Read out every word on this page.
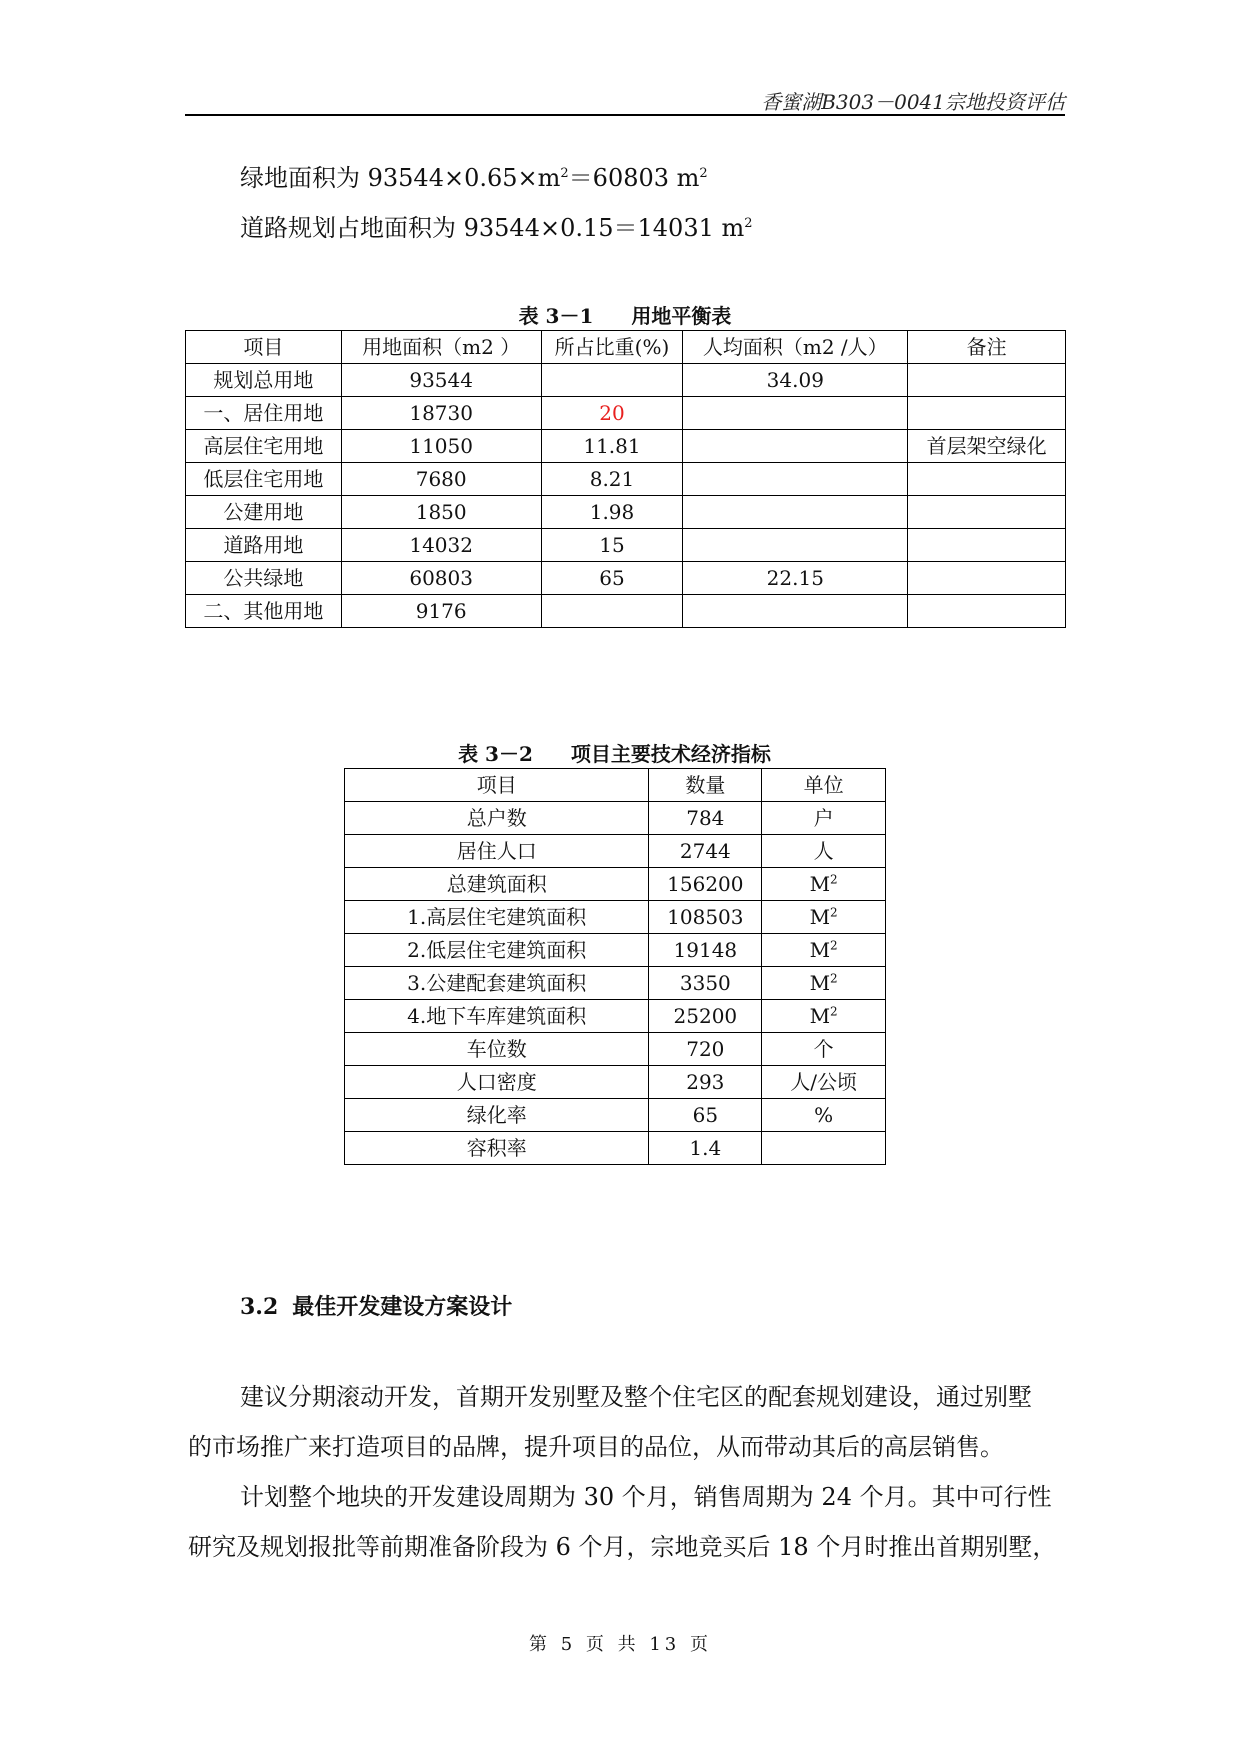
香蜜湖B303－0041宗地投资评估
绿地面积为 $93544\times 0.65\times m^2=60803$ $m^2$
道路规划占地面积为 93544×0.15＝14031 $m^2$
表 3－1 用地平衡表
项目	用地面积（m2 ）	所占比重(%)	人均面积（m2 /人）	备注
规划总用地	93544		34.09	
一、居住用地	18730	20		
高层住宅用地	11050	11.81		首层架空绿化
低层住宅用地	7680	8.21		
公建用地	1850	1.98		
道路用地	14032	15		
公共绿地	60803	65	22.15	
二、其他用地	9176			
表 3－2 项目主要技术经济指标
项目	数量	单位
总户数	784	户
居住人口	2744	人
总建筑面积	156200	$M^2$
1.高层住宅建筑面积	108503	$M^2$
2.低层住宅建筑面积	19148	$M^2$
3.公建配套建筑面积	3350	$M^2$
4.地下车库建筑面积	25200	$M^2$
车位数	720	个
人口密度	293	人/公顷
绿化率	65	%
容积率	1.4	
3.2 最佳开发建设方案设计

建议分期滚动开发，首期开发别墅及整个住宅区的配套规划建设，通过别墅

的市场推广来打造项目的品牌，提升项目的品位，从而带动其后的高层销售。

计划整个地块的开发建设周期为 30 个月，销售周期为 24 个月。其中可行性

研究及规划报批等前期准备阶段为 6 个月，宗地竞买后 18 个月时推出首期别墅，

第 5 页 共 13 页
